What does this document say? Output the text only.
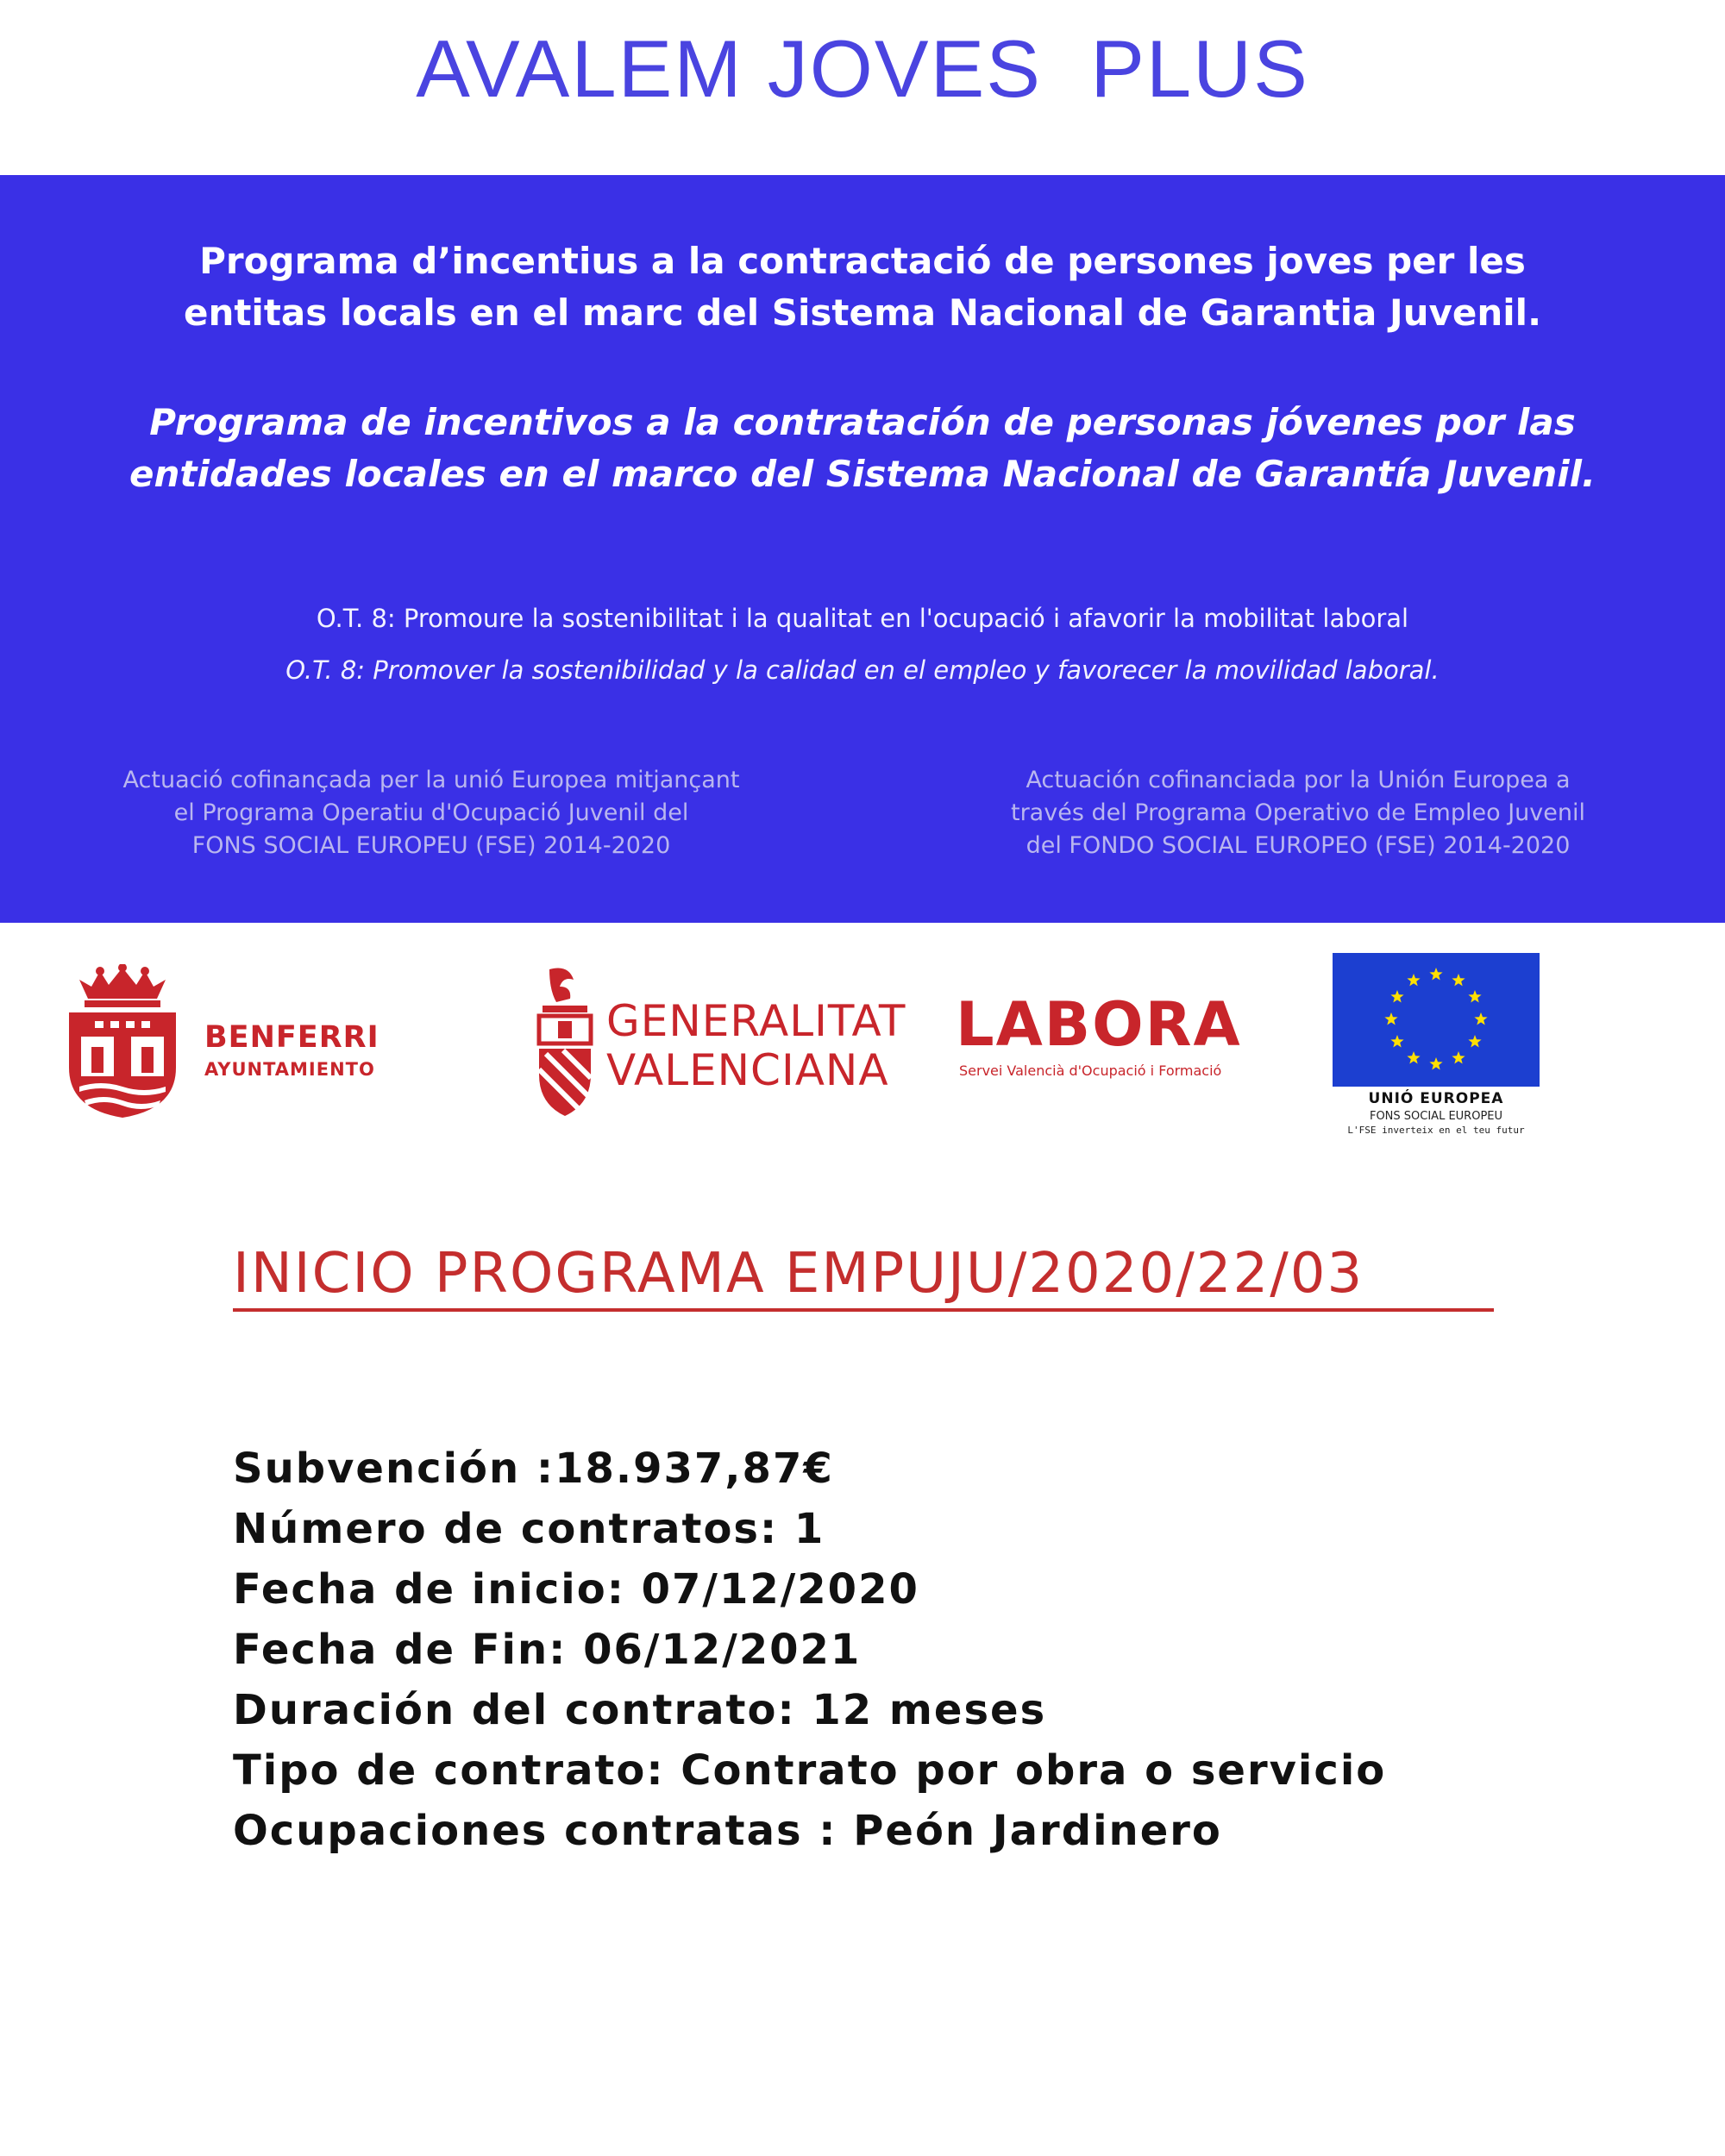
AVALEM JOVES  PLUS
Programa d’incentius a la contractació de persones joves per les
entitas locals en el marc del Sistema Nacional de Garantia Juvenil.
Programa de incentivos a la contratación de personas jóvenes por las
entidades locales en el marco del Sistema Nacional de Garantía Juvenil.
O.T. 8: Promoure la sostenibilitat i la qualitat en l'ocupació i afavorir la mobilitat laboral
O.T. 8: Promover la sostenibilidad y la calidad en el empleo y favorecer la movilidad laboral.
Actuació cofinançada per la unió Europea mitjançant
el Programa Operatiu d'Ocupació Juvenil del
FONS SOCIAL EUROPEU (FSE) 2014-2020
Actuación cofinanciada por la Unión Europea a
través del Programa Operativo de Empleo Juvenil
del FONDO SOCIAL EUROPEO (FSE) 2014-2020
BENFERRI
AYUNTAMIENTO
GENERALITAT
VALENCIANA
LABORA
Servei Valencià d'Ocupació i Formació
UNIÓ EUROPEA
FONS SOCIAL EUROPEU
L'FSE inverteix en el teu futur
INICIO PROGRAMA EMPUJU/2020/22/03
Subvención :18.937,87€
Número de contratos: 1
Fecha de inicio: 07/12/2020
Fecha de Fin: 06/12/2021
Duración del contrato: 12 meses
Tipo de contrato: Contrato por obra o servicio
Ocupaciones contratas : Peón Jardinero
